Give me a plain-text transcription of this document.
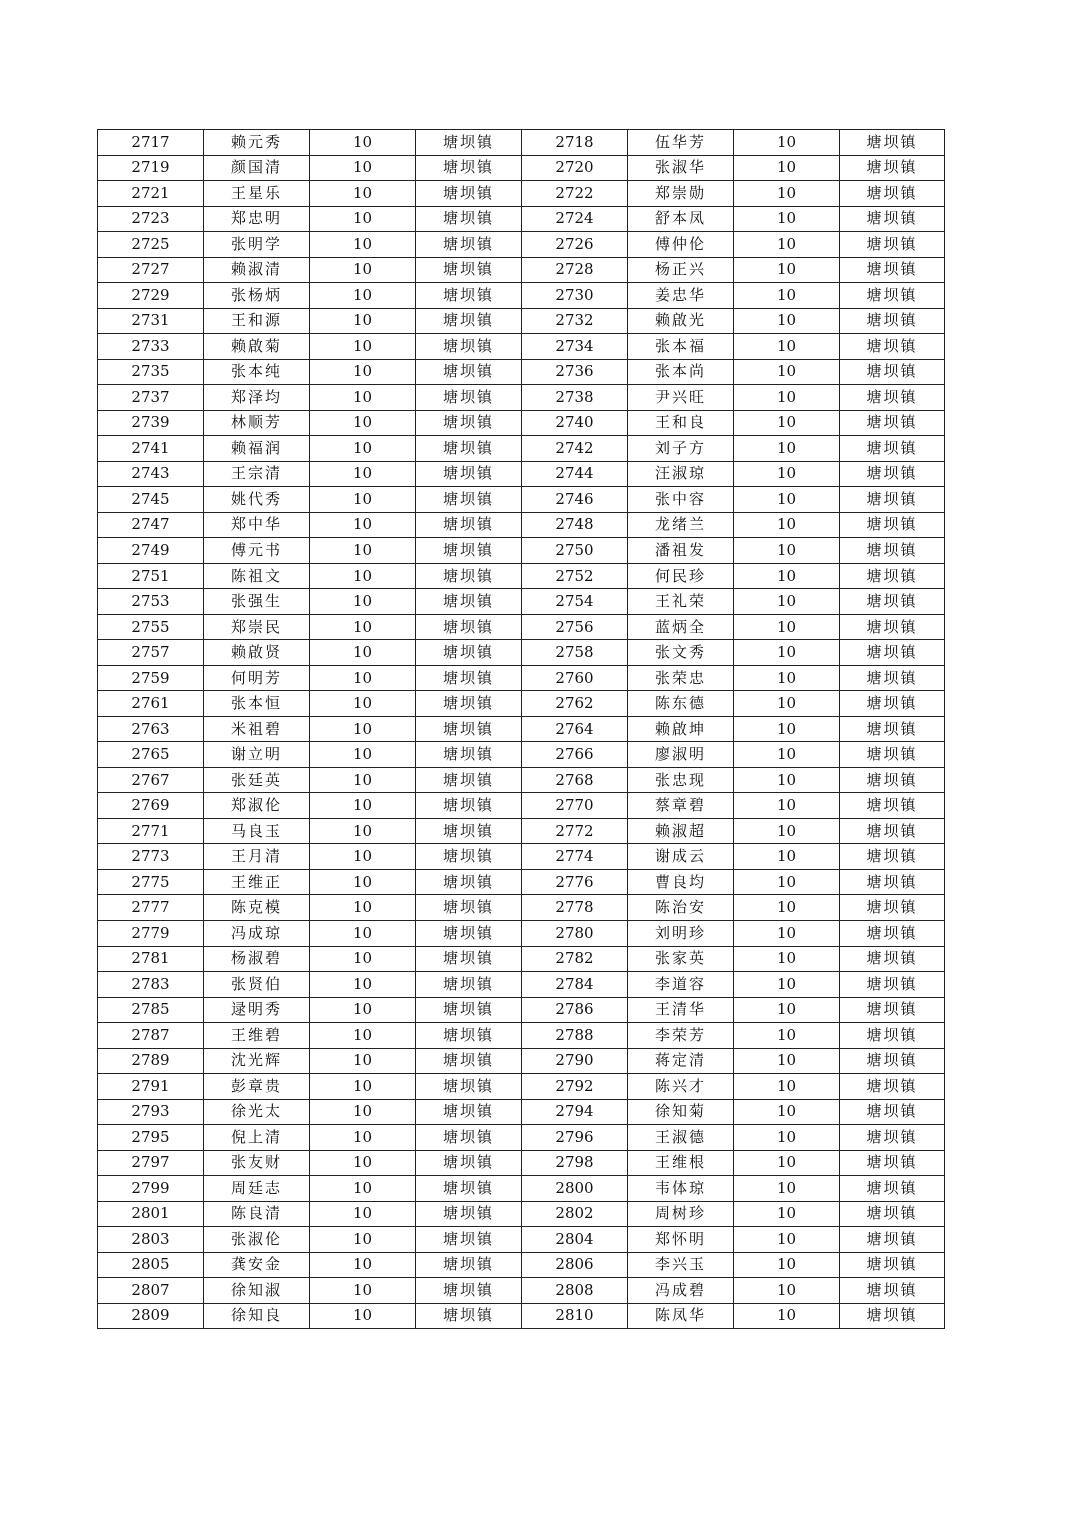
2717	赖元秀	10	塘坝镇	2718	伍华芳	10	塘坝镇
2719	颜国清	10	塘坝镇	2720	张淑华	10	塘坝镇
2721	王星乐	10	塘坝镇	2722	郑崇勋	10	塘坝镇
2723	郑忠明	10	塘坝镇	2724	舒本凤	10	塘坝镇
2725	张明学	10	塘坝镇	2726	傅仲伦	10	塘坝镇
2727	赖淑清	10	塘坝镇	2728	杨正兴	10	塘坝镇
2729	张杨炳	10	塘坝镇	2730	姜忠华	10	塘坝镇
2731	王和源	10	塘坝镇	2732	赖啟光	10	塘坝镇
2733	赖啟菊	10	塘坝镇	2734	张本福	10	塘坝镇
2735	张本纯	10	塘坝镇	2736	张本尚	10	塘坝镇
2737	郑泽均	10	塘坝镇	2738	尹兴旺	10	塘坝镇
2739	林顺芳	10	塘坝镇	2740	王和良	10	塘坝镇
2741	赖福润	10	塘坝镇	2742	刘子方	10	塘坝镇
2743	王宗清	10	塘坝镇	2744	汪淑琼	10	塘坝镇
2745	姚代秀	10	塘坝镇	2746	张中容	10	塘坝镇
2747	郑中华	10	塘坝镇	2748	龙绪兰	10	塘坝镇
2749	傅元书	10	塘坝镇	2750	潘祖发	10	塘坝镇
2751	陈祖文	10	塘坝镇	2752	何民珍	10	塘坝镇
2753	张强生	10	塘坝镇	2754	王礼荣	10	塘坝镇
2755	郑崇民	10	塘坝镇	2756	蓝炳全	10	塘坝镇
2757	赖啟贤	10	塘坝镇	2758	张文秀	10	塘坝镇
2759	何明芳	10	塘坝镇	2760	张荣忠	10	塘坝镇
2761	张本恒	10	塘坝镇	2762	陈东德	10	塘坝镇
2763	米祖碧	10	塘坝镇	2764	赖啟坤	10	塘坝镇
2765	谢立明	10	塘坝镇	2766	廖淑明	10	塘坝镇
2767	张廷英	10	塘坝镇	2768	张忠现	10	塘坝镇
2769	郑淑伦	10	塘坝镇	2770	蔡章碧	10	塘坝镇
2771	马良玉	10	塘坝镇	2772	赖淑超	10	塘坝镇
2773	王月清	10	塘坝镇	2774	谢成云	10	塘坝镇
2775	王维正	10	塘坝镇	2776	曹良均	10	塘坝镇
2777	陈克模	10	塘坝镇	2778	陈治安	10	塘坝镇
2779	冯成琼	10	塘坝镇	2780	刘明珍	10	塘坝镇
2781	杨淑碧	10	塘坝镇	2782	张家英	10	塘坝镇
2783	张贤伯	10	塘坝镇	2784	李道容	10	塘坝镇
2785	逯明秀	10	塘坝镇	2786	王清华	10	塘坝镇
2787	王维碧	10	塘坝镇	2788	李荣芳	10	塘坝镇
2789	沈光辉	10	塘坝镇	2790	蒋定清	10	塘坝镇
2791	彭章贵	10	塘坝镇	2792	陈兴才	10	塘坝镇
2793	徐光太	10	塘坝镇	2794	徐知菊	10	塘坝镇
2795	倪上清	10	塘坝镇	2796	王淑德	10	塘坝镇
2797	张友财	10	塘坝镇	2798	王维根	10	塘坝镇
2799	周廷志	10	塘坝镇	2800	韦体琼	10	塘坝镇
2801	陈良清	10	塘坝镇	2802	周树珍	10	塘坝镇
2803	张淑伦	10	塘坝镇	2804	郑怀明	10	塘坝镇
2805	龚安金	10	塘坝镇	2806	李兴玉	10	塘坝镇
2807	徐知淑	10	塘坝镇	2808	冯成碧	10	塘坝镇
2809	徐知良	10	塘坝镇	2810	陈凤华	10	塘坝镇
